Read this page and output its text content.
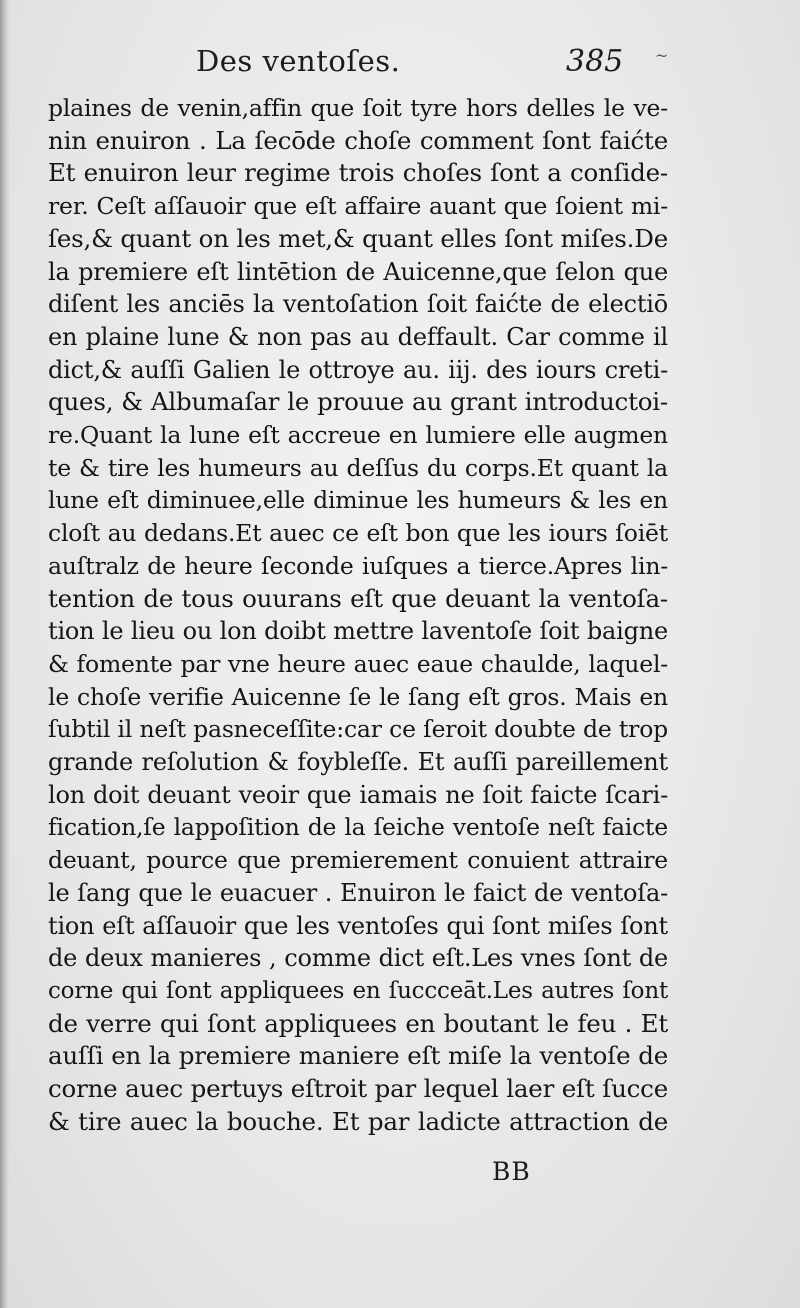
Des ventoſes.	385 ~
plaines de venin,affin que ſoit tyre hors delles le ve-
nin enuiron . La ſecōde choſe comment ſont faićte
Et enuiron leur regime trois choſes ſont a conſide-
rer. Ceſt aſſauoir que eſt affaire auant que ſoient mi-
ſes,& quant on les met,& quant elles ſont miſes.De
la premiere eſt lintētion de Auicenne,que ſelon que
diſent les anciēs la ventoſation ſoit faićte de electiō
en plaine lune & non pas au deffault. Car comme il
dict,& auſſi Galien le ottroye au. iij. des iours creti-
ques, & Albumaſar le prouue au grant introductoi-
re.Quant la lune eſt accreue en lumiere elle augmen
te & tire les humeurs au deſſus du corps.Et quant la
lune eſt diminuee,elle diminue les humeurs & les en
cloſt au dedans.Et auec ce eſt bon que les iours ſoiēt
auſtralz de heure ſeconde iuſques a tierce.Apres lin-
tention de tous ouurans eſt que deuant la ventoſa-
tion le lieu ou lon doibt mettre laventoſe ſoit baigne
& fomente par vne heure auec eaue chaulde, laquel-
le choſe verifie Auicenne ſe le ſang eſt gros. Mais en
ſubtil il neſt pasneceſſite:car ce ſeroit doubte de trop
grande reſolution & foybleſſe. Et auſſi pareillement
lon doit deuant veoir que iamais ne ſoit faicte ſcari-
fication,ſe lappoſition de la ſeiche ventoſe neſt faicte
deuant, pource que premierement conuient attraire
le ſang que le euacuer . Enuiron le faict de ventoſa-
tion eſt aſſauoir que les ventoſes qui ſont miſes ſont
de deux manieres , comme dict eſt.Les vnes ſont de
corne qui ſont appliquees en ſuccceāt.Les autres ſont
de verre qui ſont appliquees en boutant le feu . Et
auſſi en la premiere maniere eſt miſe la ventoſe de
corne auec pertuys eſtroit par lequel laer eſt ſucce
& tire auec la bouche. Et par ladicte attraction de
BB
